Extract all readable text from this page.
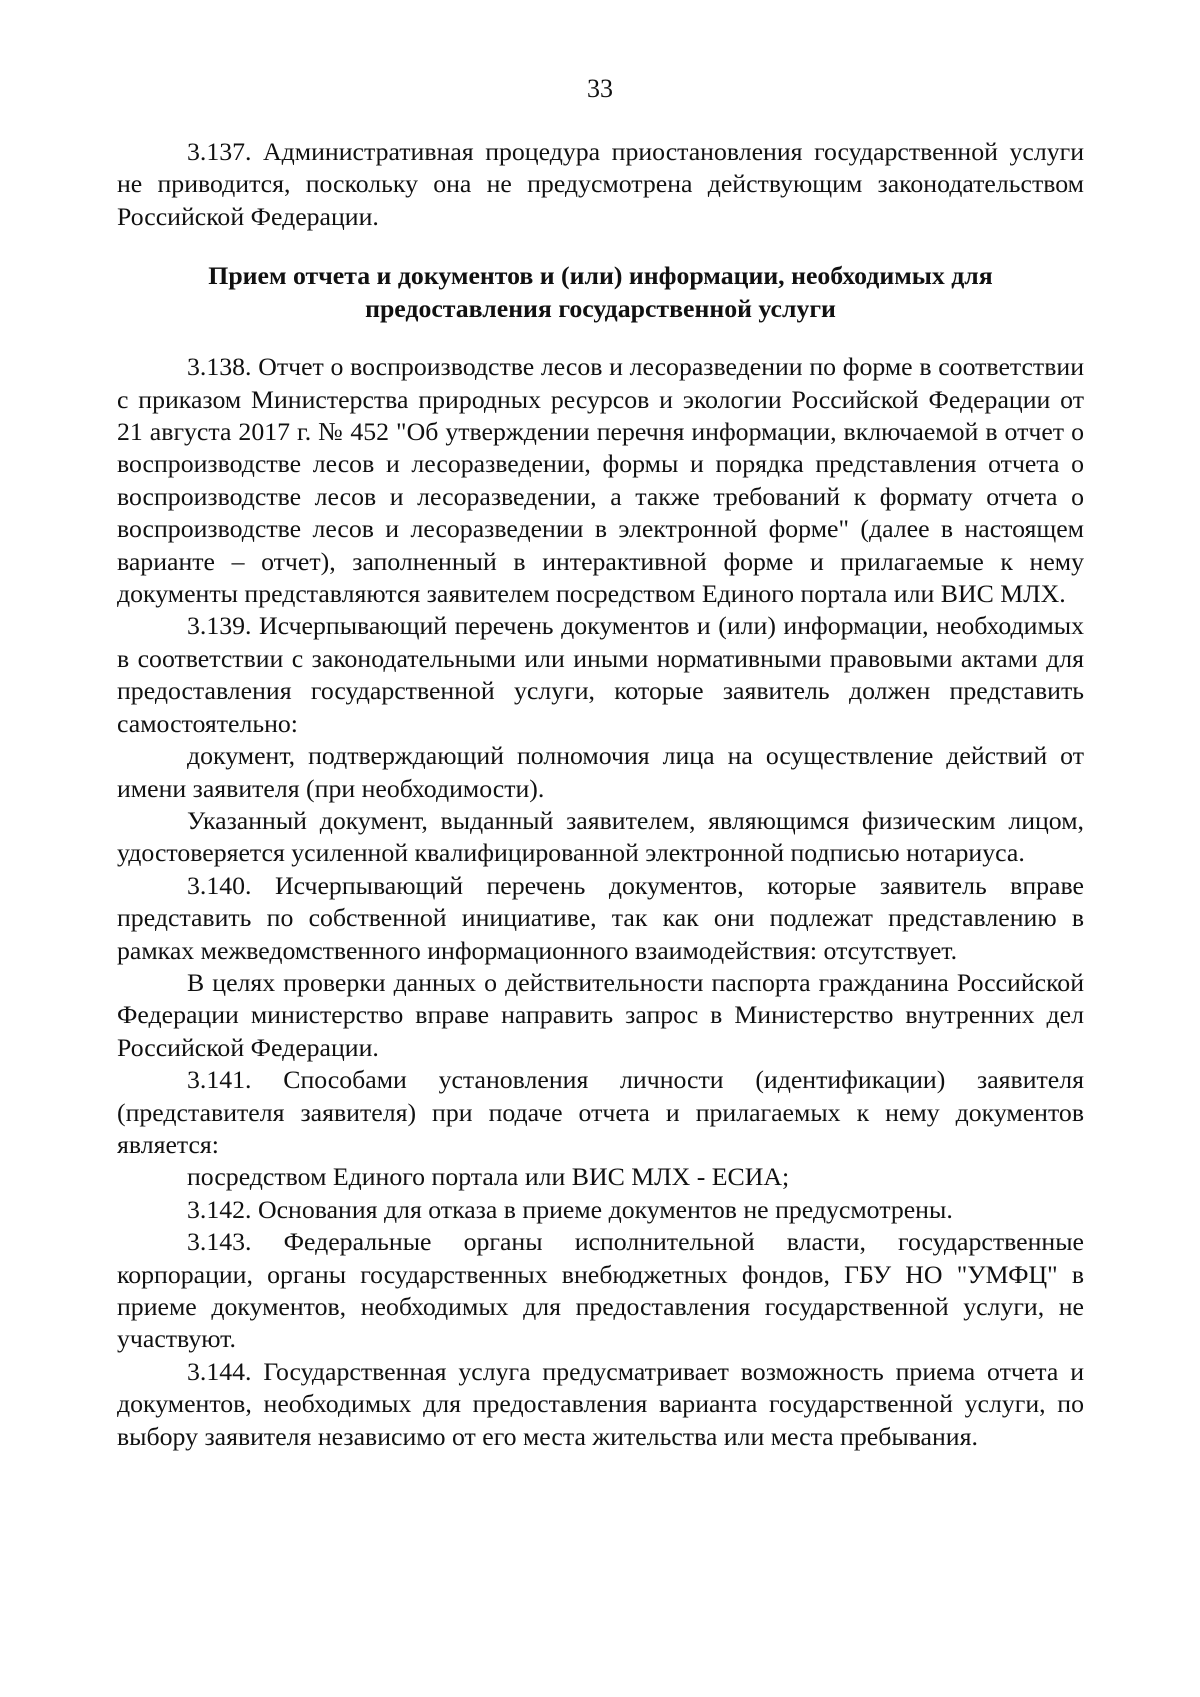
33

3.137. Административная процедура приостановления государственной услуги не приводится, поскольку она не предусмотрена действующим законодательством Российской Федерации.

Прием отчета и документов и (или) информации, необходимых для предоставления государственной услуги

3.138. Отчет о воспроизводстве лесов и лесоразведении по форме в соответствии с приказом Министерства природных ресурсов и экологии Российской Федерации от 21 августа 2017 г. № 452 "Об утверждении перечня информации, включаемой в отчет о воспроизводстве лесов и лесоразведении, формы и порядка представления отчета о воспроизводстве лесов и лесоразведении, а также требований к формату отчета о воспроизводстве лесов и лесоразведении в электронной форме" (далее в настоящем варианте – отчет), заполненный в интерактивной форме и прилагаемые к нему документы представляются заявителем посредством Единого портала или ВИС МЛХ.

3.139. Исчерпывающий перечень документов и (или) информации, необходимых в соответствии с законодательными или иными нормативными правовыми актами для предоставления государственной услуги, которые заявитель должен представить самостоятельно:

документ, подтверждающий полномочия лица на осуществление действий от имени заявителя (при необходимости).

Указанный документ, выданный заявителем, являющимся физическим лицом, удостоверяется усиленной квалифицированной электронной подписью нотариуса.

3.140. Исчерпывающий перечень документов, которые заявитель вправе представить по собственной инициативе, так как они подлежат представлению в рамках межведомственного информационного взаимодействия: отсутствует.

В целях проверки данных о действительности паспорта гражданина Российской Федерации министерство вправе направить запрос в Министерство внутренних дел Российской Федерации.

3.141. Способами установления личности (идентификации) заявителя (представителя заявителя) при подаче отчета и прилагаемых к нему документов является:

посредством Единого портала или ВИС МЛХ - ЕСИА;

3.142. Основания для отказа в приеме документов не предусмотрены.

3.143. Федеральные органы исполнительной власти, государственные корпорации, органы государственных внебюджетных фондов, ГБУ НО "УМФЦ" в приеме документов, необходимых для предоставления государственной услуги, не участвуют.

3.144. Государственная услуга предусматривает возможность приема отчета и документов, необходимых для предоставления варианта государственной услуги, по выбору заявителя независимо от его места жительства или места пребывания.
